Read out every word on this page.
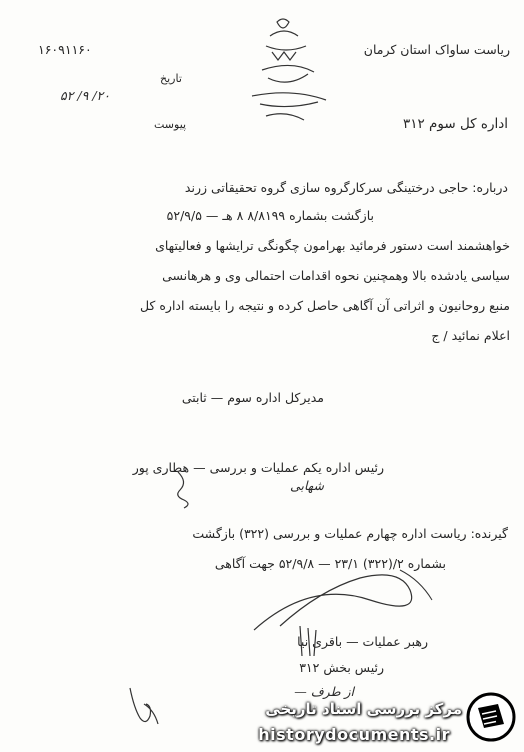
ریاست ساواک استان کرمان
۱۶۰۹۱۱۶۰
تاریخ
۲۰/ ۹/ ۵۲
پیوست	اداره کل سوم ۳۱۲
درباره: حاجی درختینگی سرکارگروه سازی گروه تحقیقاتی زرند
بازگشت بشماره ۸/۸۱۹۹ ۸ هـ — ۵۲/۹/۵
خواهشمند است دستور فرمائید بهرامون چگونگی ترایشها و فعالیتهای
سیاسی یادشده بالا وهمچنین نحوه اقدامات احتمالی وی و هرهانسی
منبع روحانیون و اثراتی آن آگاهی حاصل کرده و نتیجه را بایسته اداره کل
اعلام نمائید / ج
مدیرکل اداره سوم — ثابتی
رئیس اداره یکم عملیات و بررسی — هطاری پور
شهابی
گیرنده: ریاست اداره چهارم عملیات و بررسی (۳۲۲) بازگشت
بشماره ۲/(۳۲۲) ۲۳/۱ — ۵۲/۹/۸ جهت آگاهی
رهبر عملیات — باقری نیا
رئیس بخش ۳۱۲
از طرف —
مرکز بررسی اسناد تاریخی
historydocuments.ir
